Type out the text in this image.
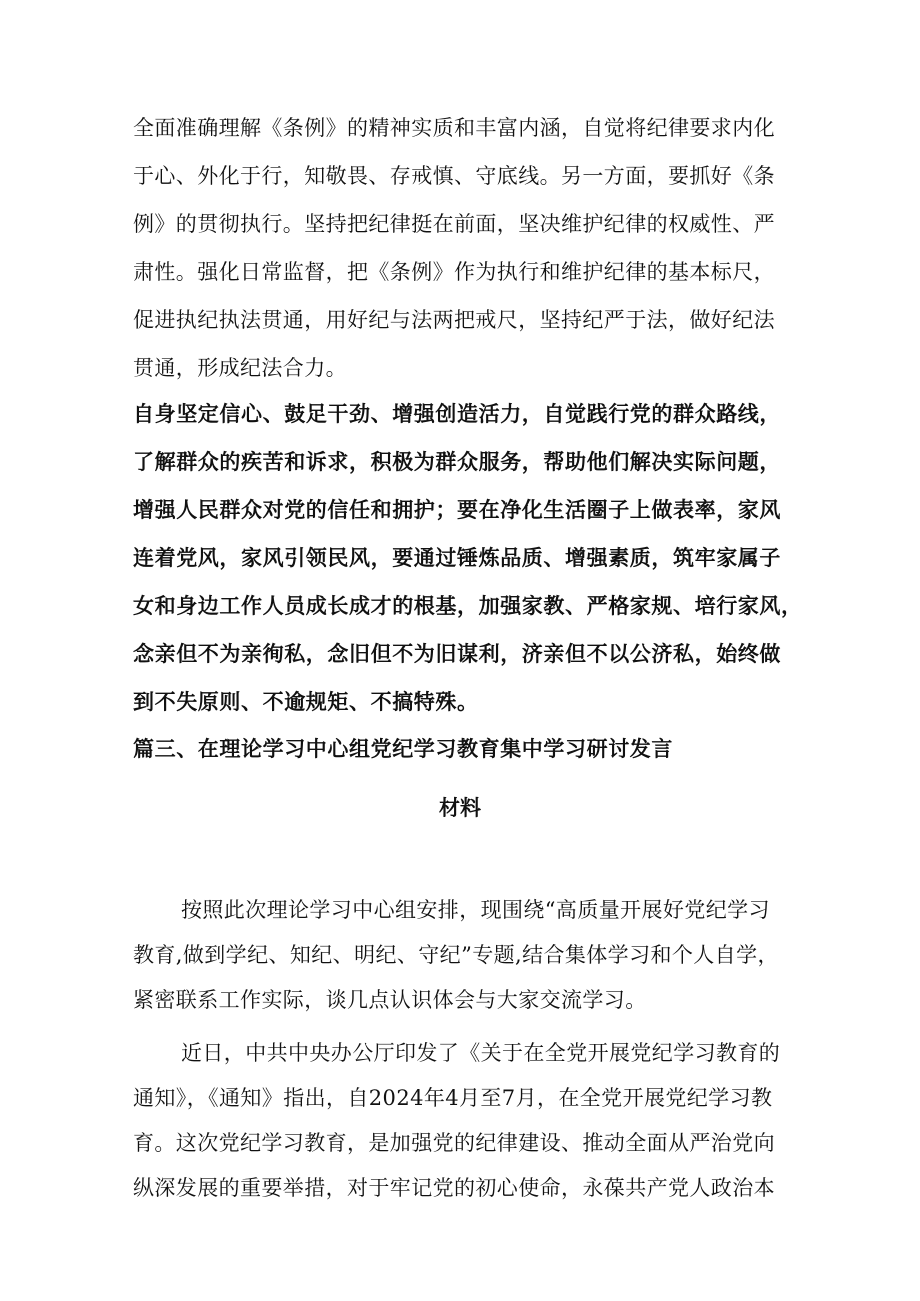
全面准确理解《条例》的精神实质和丰富内涵，自觉将纪律要求内化
于心、外化于行，知敬畏、存戒慎、守底线。另一方面，要抓好《条
例》的贯彻执行。坚持把纪律挺在前面，坚决维护纪律的权威性、严
肃性。强化日常监督，把《条例》作为执行和维护纪律的基本标尺，
促进执纪执法贯通，用好纪与法两把戒尺，坚持纪严于法，做好纪法
贯通，形成纪法合力。
自身坚定信心、鼓足干劲、增强创造活力，自觉践行党的群众路线，
了解群众的疾苦和诉求，积极为群众服务，帮助他们解决实际问题，
增强人民群众对党的信任和拥护；要在净化生活圈子上做表率，家风
连着党风，家风引领民风，要通过锤炼品质、增强素质，筑牢家属子
女和身边工作人员成长成才的根基，加强家教、严格家规、培行家风，
念亲但不为亲徇私，念旧但不为旧谋利，济亲但不以公济私，始终做
到不失原则、不逾规矩、不搞特殊。
篇三、在理论学习中心组党纪学习教育集中学习研讨发言
材料
按照此次理论学习中心组安排，现围绕“高质量开展好党纪学习
教育,做到学纪、知纪、明纪、守纪”专题,结合集体学习和个人自学，
紧密联系工作实际，谈几点认识体会与大家交流学习。
近日，中共中央办公厅印发了《关于在全党开展党纪学习教育的
通知》，《通知》指出，自2024年4月至7月，在全党开展党纪学习教
育。这次党纪学习教育，是加强党的纪律建设、推动全面从严治党向
纵深发展的重要举措，对于牢记党的初心使命，永葆共产党人政治本
